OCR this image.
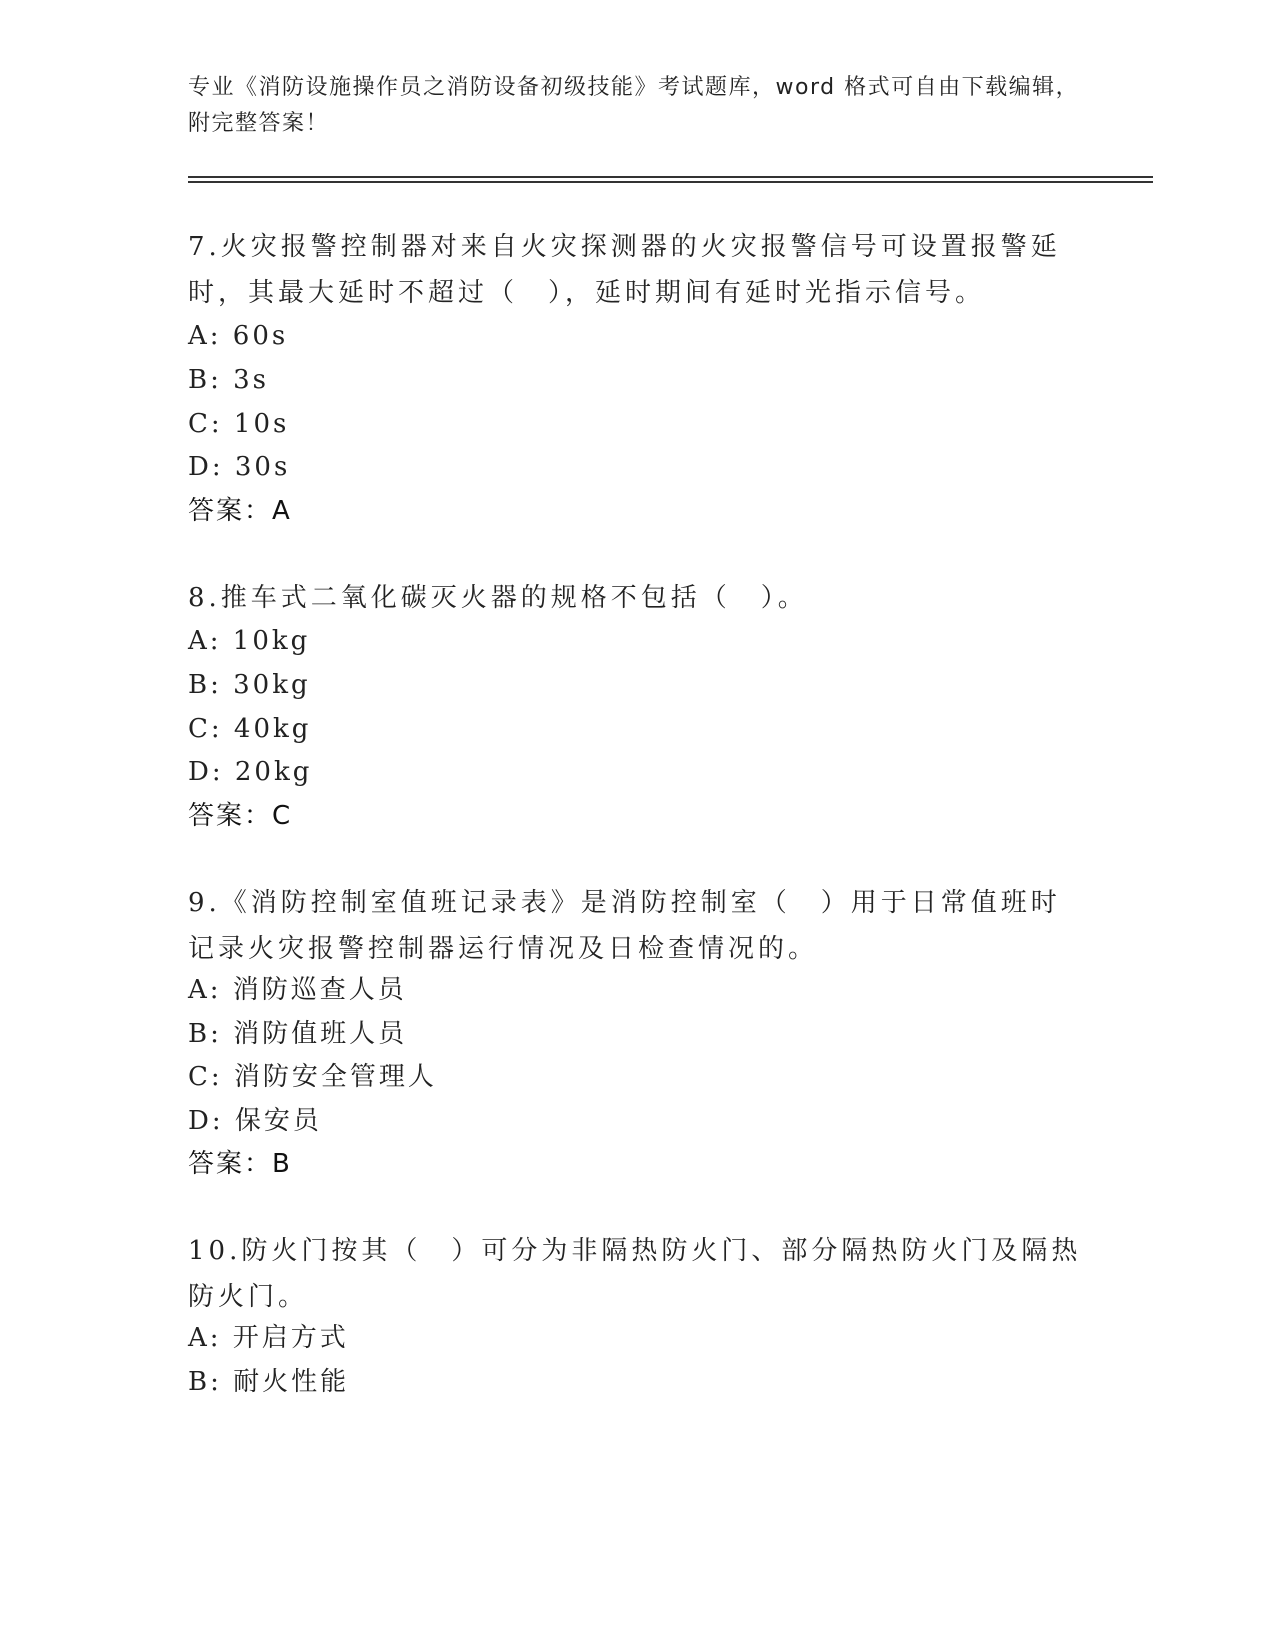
专业《消防设施操作员之消防设备初级技能》考试题库，word 格式可自由下载编辑，附完整答案！
7.火灾报警控制器对来自火灾探测器的火灾报警信号可设置报警延时，其最大延时不超过（　），延时期间有延时光指示信号。
A: 60s
B: 3s
C: 10s
D: 30s
答案：A
8.推车式二氧化碳灭火器的规格不包括（　）。
A: 10kg
B: 30kg
C: 40kg
D: 20kg
答案：C
9.《消防控制室值班记录表》是消防控制室（　）用于日常值班时记录火灾报警控制器运行情况及日检查情况的。
A: 消防巡查人员
B: 消防值班人员
C: 消防安全管理人
D: 保安员
答案：B
10.防火门按其（　）可分为非隔热防火门、部分隔热防火门及隔热防火门。
A: 开启方式
B: 耐火性能
